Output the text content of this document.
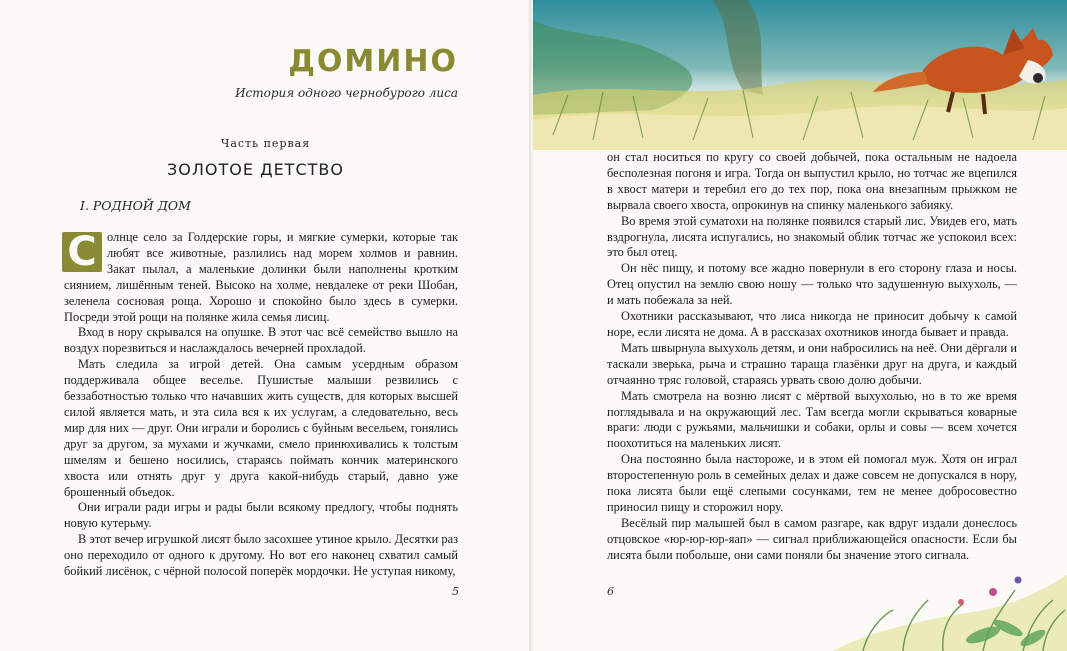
ДОМИНО
История одного чернобурого лиса
Часть первая
ЗОЛОТОЕ ДЕТСТВО
I. РОДНОЙ ДОМ

С олнце село за Голдерские горы, и мягкие сумерки, которые так любят все животные, разлились над морем холмов и равнин. Закат пылал, а маленькие долинки были наполнены кротким сиянием, лишённым теней. Высоко на холме, невдалеке от реки Шобан, зеленела сосновая роща. Хорошо и спокойно было здесь в сумерки. Посреди этой рощи на полянке жила семья лисиц.

Вход в нору скрывался на опушке. В этот час всё семейство вышло на воздух порезвиться и наслаждалось вечерней прохладой.

Мать следила за игрой детей. Она самым усердным образом поддерживала общее веселье. Пушистые малыши резвились с беззаботностью только что начавших жить существ, для которых высшей силой является мать, и эта сила вся к их услугам, а следовательно, весь мир для них — друг. Они играли и боролись с буйным весельем, гонялись друг за другом, за мухами и жучками, смело принюхивались к толстым шмелям и бешено носились, стараясь поймать кончик материнского хвоста или отнять друг у друга какой-нибудь старый, давно уже брошенный объедок.

Они играли ради игры и рады были всякому предлогу, чтобы поднять новую кутерьму.

В этот вечер игрушкой лисят было засохшее утиное крыло. Десятки раз оно переходило от одного к другому. Но вот его наконец схватил самый бойкий лисёнок, с чёрной полосой поперёк мордочки. Не уступая никому,

5

он стал носиться по кругу со своей добычей, пока остальным не надоела бесполезная погоня и игра. Тогда он выпустил крыло, но тотчас же вцепился в хвост матери и теребил его до тех пор, пока она внезапным прыжком не вырвала своего хвоста, опрокинув на спинку маленького забияку.

Во время этой суматохи на полянке появился старый лис. Увидев его, мать вздрогнула, лисята испугались, но знакомый облик тотчас же успокоил всех: это был отец.

Он нёс пищу, и потому все жадно повернули в его сторону глаза и носы. Отец опустил на землю свою ношу — только что задушенную выхухоль, — и мать побежала за ней.

Охотники рассказывают, что лиса никогда не приносит добычу к самой норе, если лисята не дома. А в рассказах охотников иногда бывает и правда.

Мать швырнула выхухоль детям, и они набросились на неё. Они дёргали и таскали зверька, рыча и страшно тараща глазёнки друг на друга, и каждый отчаянно тряс головой, стараясь урвать свою долю добычи.

Мать смотрела на возню лисят с мёртвой выхухолью, но в то же время поглядывала и на окружающий лес. Там всегда могли скрываться коварные враги: люди с ружьями, мальчишки и собаки, орлы и совы — всем хочется поохотиться на маленьких лисят.

Она постоянно была настороже, и в этом ей помогал муж. Хотя он играл второстепенную роль в семейных делах и даже совсем не допускался в нору, пока лисята были ещё слепыми сосунками, тем не менее добросовестно приносил пищу и сторожил нору.

Весёлый пир малышей был в самом разгаре, как вдруг издали донеслось отцовское «юр-юр-юр-яап» — сигнал приближающейся опасности. Если бы лисята были побольше, они сами поняли бы значение этого сигнала.

6
